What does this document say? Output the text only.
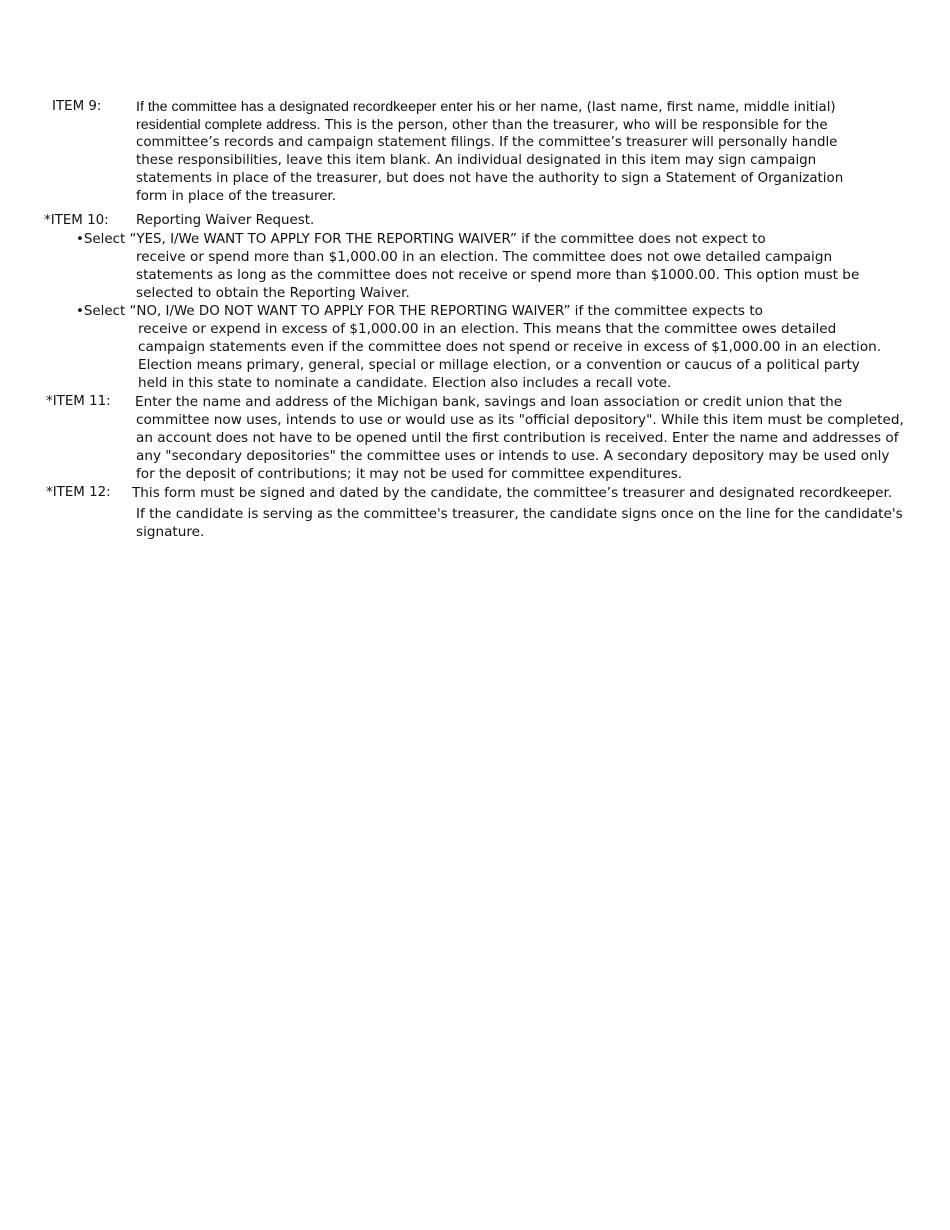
ITEM 9: If the committee has a designated recordkeeper enter his or her name, (last name, first name, middle initial)
residential complete address. This is the person, other than the treasurer, who will be responsible for the
committee’s records and campaign statement filings. If the committee’s treasurer will personally handle
these responsibilities, leave this item blank. An individual designated in this item may sign campaign
statements in place of the treasurer, but does not have the authority to sign a Statement of Organization
form in place of the treasurer.
*ITEM 10: Reporting Waiver Request.
•Select “YES, I/We WANT TO APPLY FOR THE REPORTING WAIVER” if the committee does not expect to
receive or spend more than $1,000.00 in an election. The committee does not owe detailed campaign
statements as long as the committee does not receive or spend more than $1000.00. This option must be
selected to obtain the Reporting Waiver.
•Select “NO, I/We DO NOT WANT TO APPLY FOR THE REPORTING WAIVER” if the committee expects to
receive or expend in excess of $1,000.00 in an election. This means that the committee owes detailed
campaign statements even if the committee does not spend or receive in excess of $1,000.00 in an election.
Election means primary, general, special or millage election, or a convention or caucus of a political party
held in this state to nominate a candidate. Election also includes a recall vote.
*ITEM 11: Enter the name and address of the Michigan bank, savings and loan association or credit union that the
committee now uses, intends to use or would use as its "official depository". While this item must be completed,
an account does not have to be opened until the first contribution is received. Enter the name and addresses of
any "secondary depositories" the committee uses or intends to use. A secondary depository may be used only
for the deposit of contributions; it may not be used for committee expenditures.
*ITEM 12: This form must be signed and dated by the candidate, the committee’s treasurer and designated recordkeeper.
If the candidate is serving as the committee's treasurer, the candidate signs once on the line for the candidate's
signature.
